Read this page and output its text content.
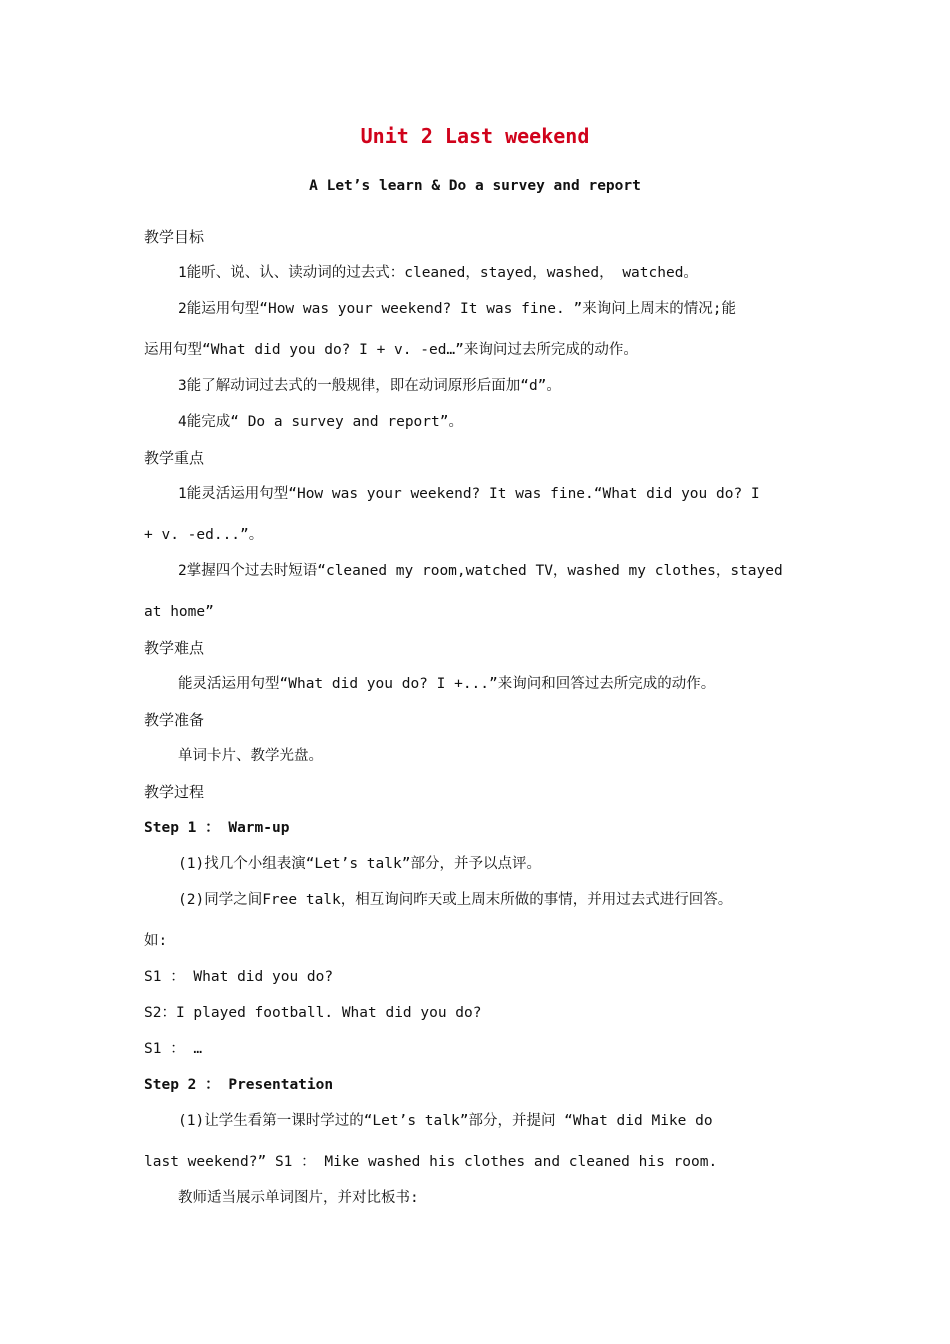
Unit 2 Last weekend
A Let’s learn & Do a survey and report
教学目标
1能听、说、认、读动词的过去式：cleaned，stayed，washed， watched。
2能运用句型“How was your weekend? It was fine. ”来询问上周末的情况;能
运用句型“What did you do? I + v. -ed…”来询问过去所完成的动作。
3能了解动词过去式的一般规律，即在动词原形后面加“d”。
4能完成“ Do a survey and report”。
教学重点
1能灵活运用句型“How was your weekend? It was fine.“What did you do? I
+ v. -ed...”。
2掌握四个过去时短语“cleaned my room,watched TV，washed my clothes，stayed
at home”
教学难点
能灵活运用句型“What did you do? I +...”来询问和回答过去所完成的动作。
教学准备
单词卡片、教学光盘。
教学过程
Step 1 ： Warm-up
(1)找几个小组表演“Let’s talk”部分，并予以点评。
(2)同学之间Free talk，相互询问昨天或上周末所做的事情，并用过去式进行回答。
如:
S1 ： What did you do?
S2：I played football. What did you do?
S1 ： …
Step 2 ： Presentation
(1)让学生看第一课时学过的“Let’s talk”部分，并提问 “What did Mike do
last weekend?” S1 ： Mike washed his clothes and cleaned his room.
教师适当展示单词图片，并对比板书:
